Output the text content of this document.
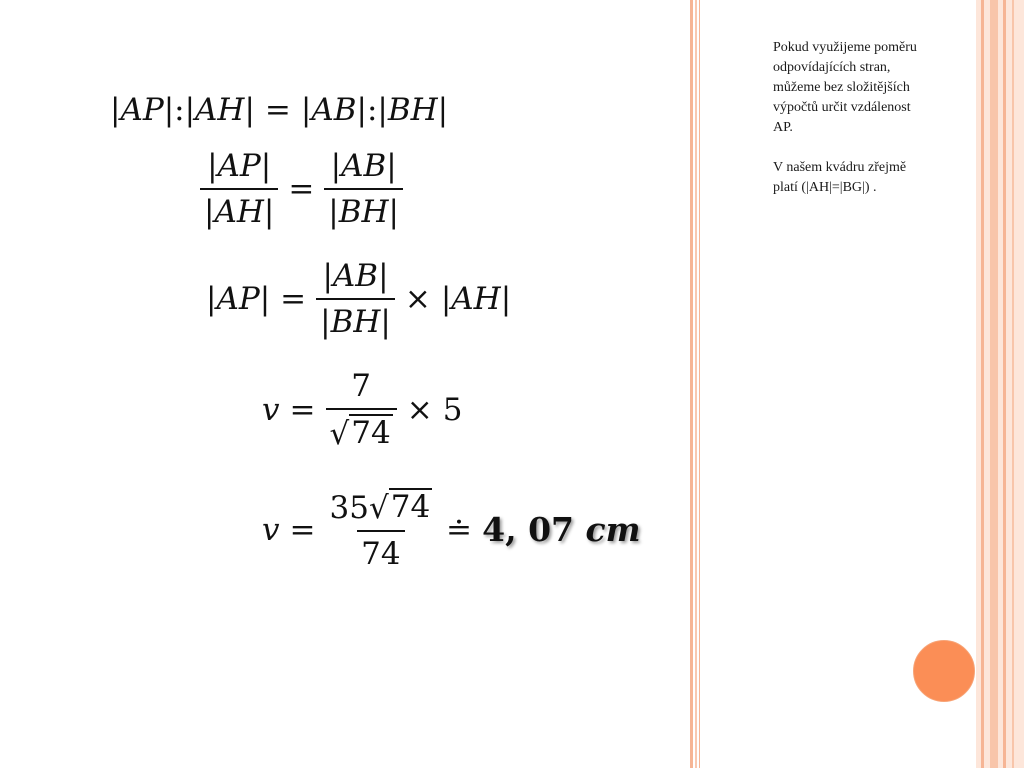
Pokud využijeme poměru odpovídajících stran, můžeme bez složitějších výpočtů určit vzdálenost AP.

V našem kvádru zřejmě platí (|AH|=|BG|) .

|AP| : |AH| = |AB| : |BH|
$\frac{|AP|}{|AH|} = \frac{|AB|}{|BH|}$
$|AP| = \frac{|AB|}{|BH|} \times |AH|$
$v = \frac{7}{√ 74} \times 5$
$v = \frac{35 √ 74}{74}$ ≐ 4, 07 cm
